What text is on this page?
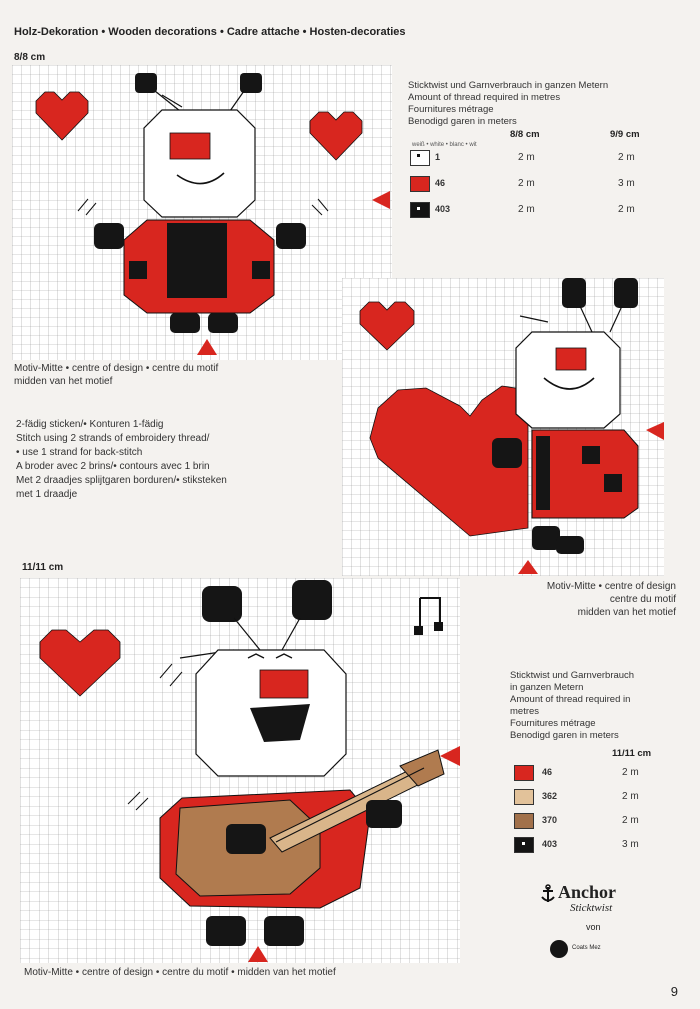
Holz-Dekoration • Wooden decorations • Cadre attache • Hosten-decoraties
8/8 cm
11/11 cm
Sticktwist und Garnverbrauch in ganzen Metern
Amount of thread required in metres
Fournitures métrage
Benodigd garen in meters
8/8 cm	9/9 cm
weiß • white • blanc • wit
1	2 m	2 m
46	2 m	3 m
403	2 m	2 m
Motiv-Mitte • centre of design • centre du motif
midden van het motief
2-fädig sticken/• Konturen 1-fädig
Stitch using 2 strands of embroidery thread/
• use 1 strand for back-stitch
A broder avec 2 brins/• contours avec 1 brin
Met 2 draadjes splijtgaren borduren/• stiksteken
met 1 draadje
Motiv-Mitte • centre of design
centre du motif
midden van het motief
Sticktwist und Garnverbrauch
in ganzen Metern
Amount of thread required in
metres
Fournitures métrage
Benodigd garen in meters
11/11 cm
46	2 m
362	2 m
370	2 m
403	3 m
Anchor
Sticktwist
von
Coats Mez
Motiv-Mitte • centre of design • centre du motif • midden van het motief
9
